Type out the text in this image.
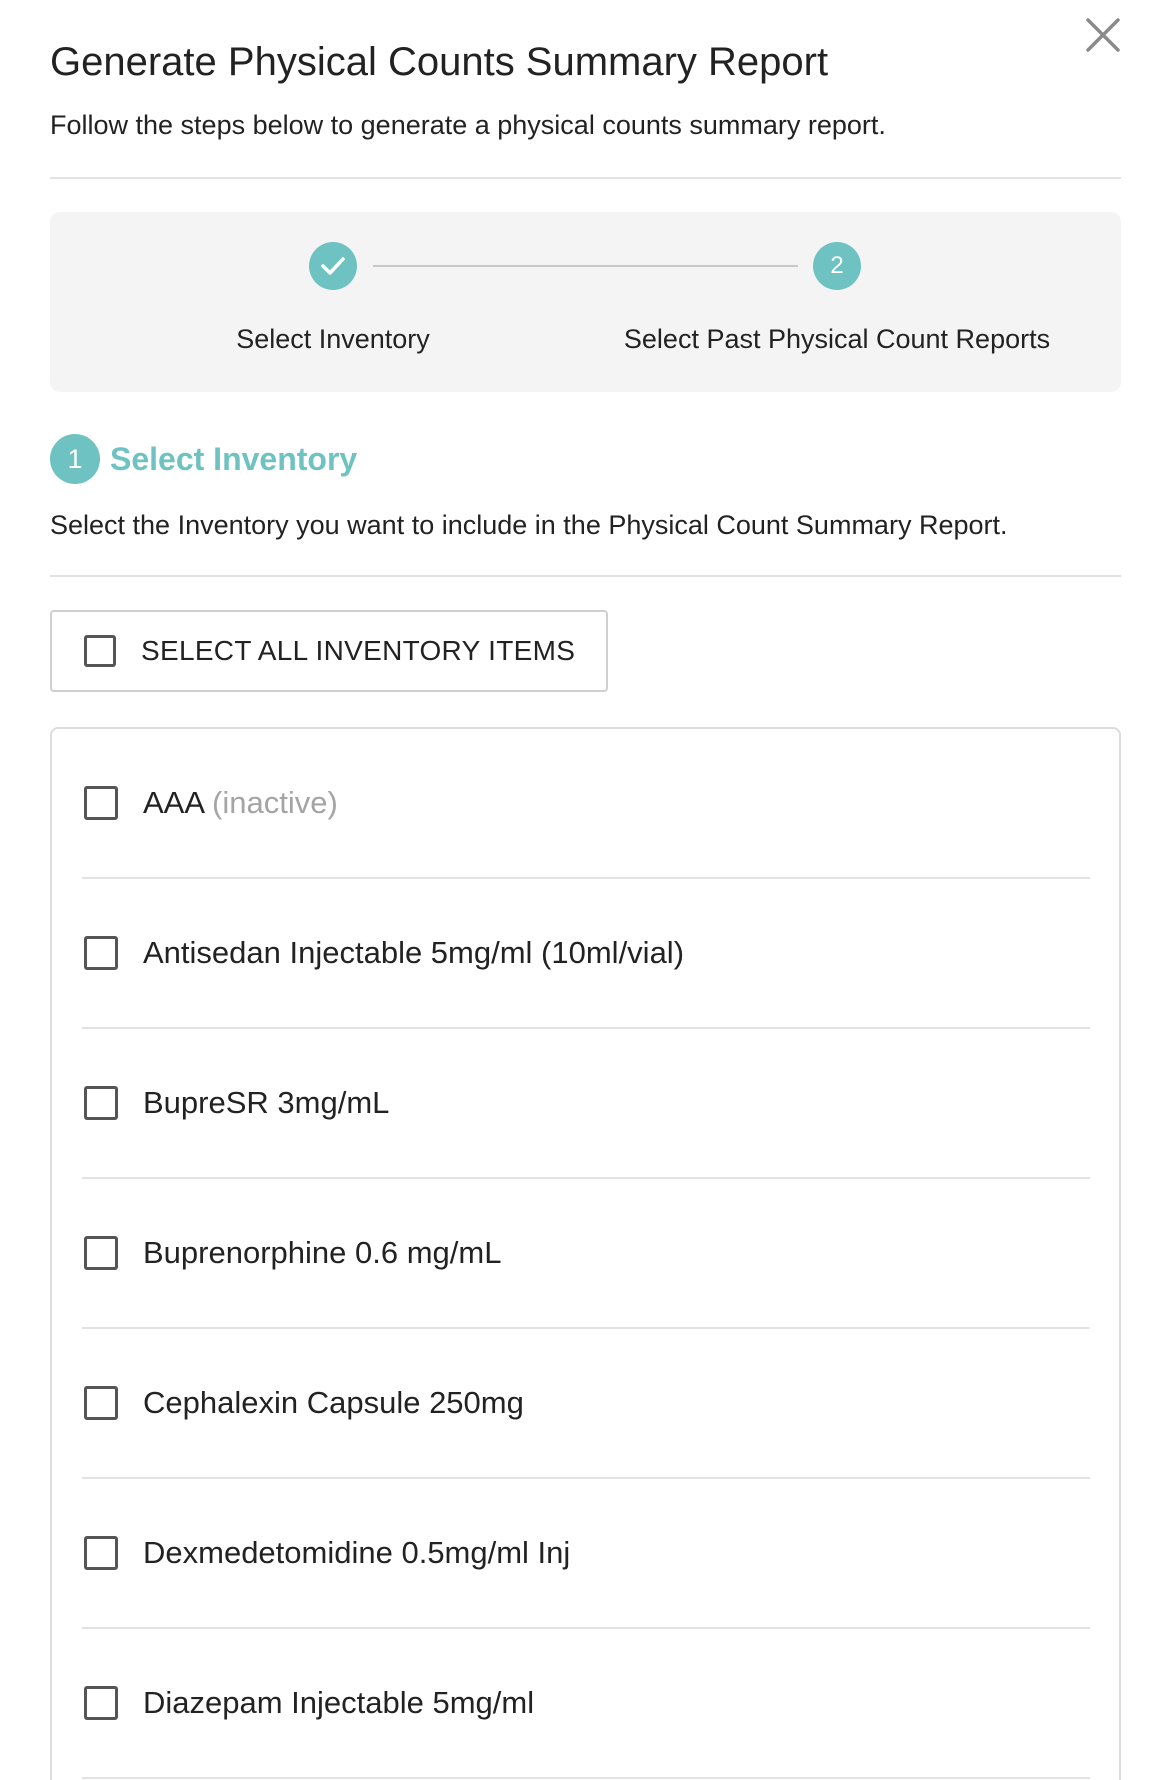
Generate Physical Counts Summary Report
Follow the steps below to generate a physical counts summary report.
2
Select Inventory	Select Past Physical Count Reports
1 Select Inventory
Select the Inventory you want to include in the Physical Count Summary Report.
SELECT ALL INVENTORY ITEMS
AAA (inactive)
Antisedan Injectable 5mg/ml (10ml/vial)
BupreSR 3mg/mL
Buprenorphine 0.6 mg/mL
Cephalexin Capsule 250mg
Dexmedetomidine 0.5mg/ml Inj
Diazepam Injectable 5mg/ml
